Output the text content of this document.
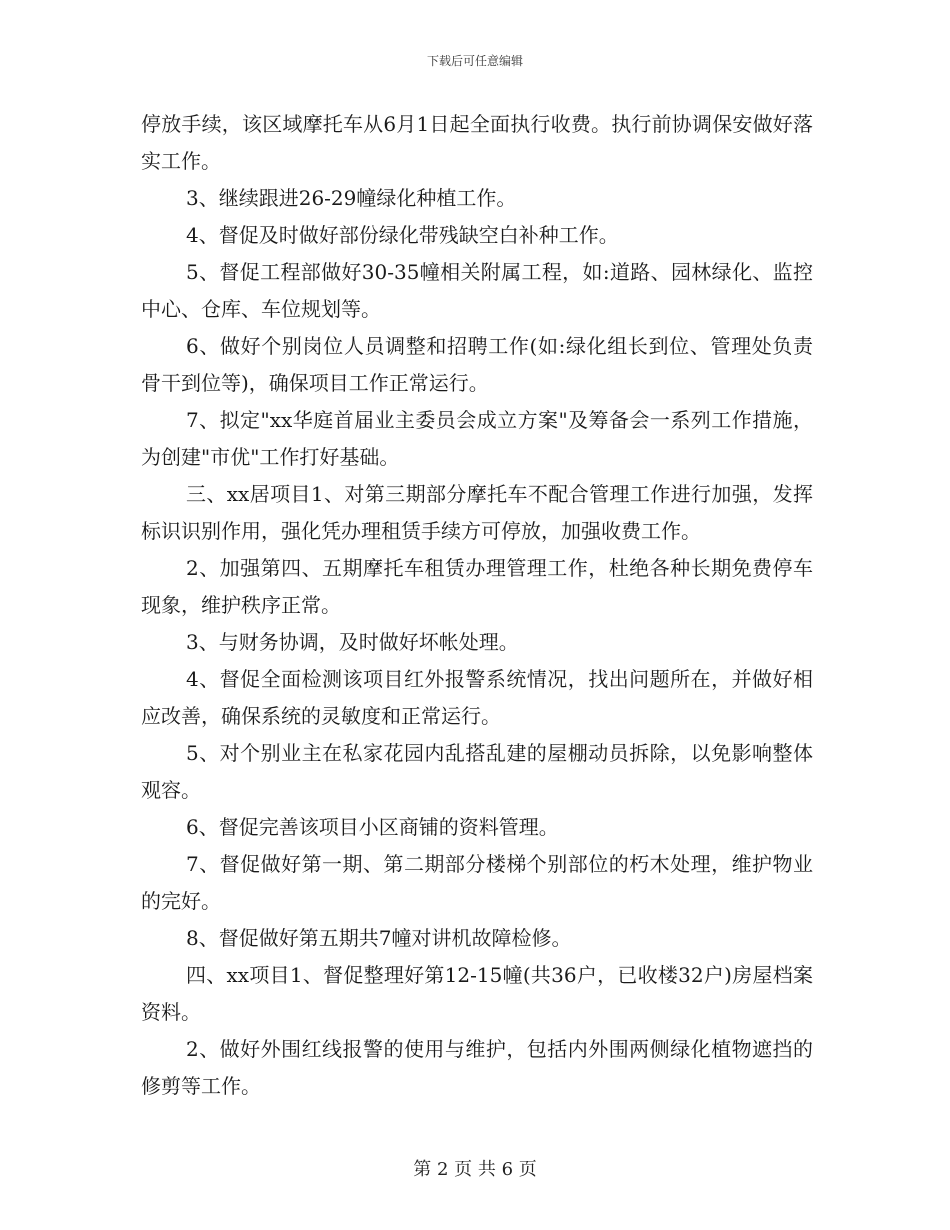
下载后可任意编辑

停放手续，该区域摩托车从6月1日起全面执行收费。执行前协调保安做好落实工作。

3、继续跟进26-29幢绿化种植工作。

4、督促及时做好部份绿化带残缺空白补种工作。

5、督促工程部做好30-35幢相关附属工程，如:道路、园林绿化、监控中心、仓库、车位规划等。

6、做好个别岗位人员调整和招聘工作(如:绿化组长到位、管理处负责骨干到位等)，确保项目工作正常运行。

7、拟定"xx华庭首届业主委员会成立方案"及筹备会一系列工作措施，为创建"市优"工作打好基础。

三、xx居项目1、对第三期部分摩托车不配合管理工作进行加强，发挥标识识别作用，强化凭办理租赁手续方可停放，加强收费工作。

2、加强第四、五期摩托车租赁办理管理工作，杜绝各种长期免费停车现象，维护秩序正常。

3、与财务协调，及时做好坏帐处理。

4、督促全面检测该项目红外报警系统情况，找出问题所在，并做好相应改善，确保系统的灵敏度和正常运行。

5、对个别业主在私家花园内乱搭乱建的屋棚动员拆除，以免影响整体观容。

6、督促完善该项目小区商铺的资料管理。

7、督促做好第一期、第二期部分楼梯个别部位的朽木处理，维护物业的完好。

8、督促做好第五期共7幢对讲机故障检修。

四、xx项目1、督促整理好第12-15幢(共36户，已收楼32户)房屋档案资料。

2、做好外围红线报警的使用与维护，包括内外围两侧绿化植物遮挡的修剪等工作。

第 2 页 共 6 页
